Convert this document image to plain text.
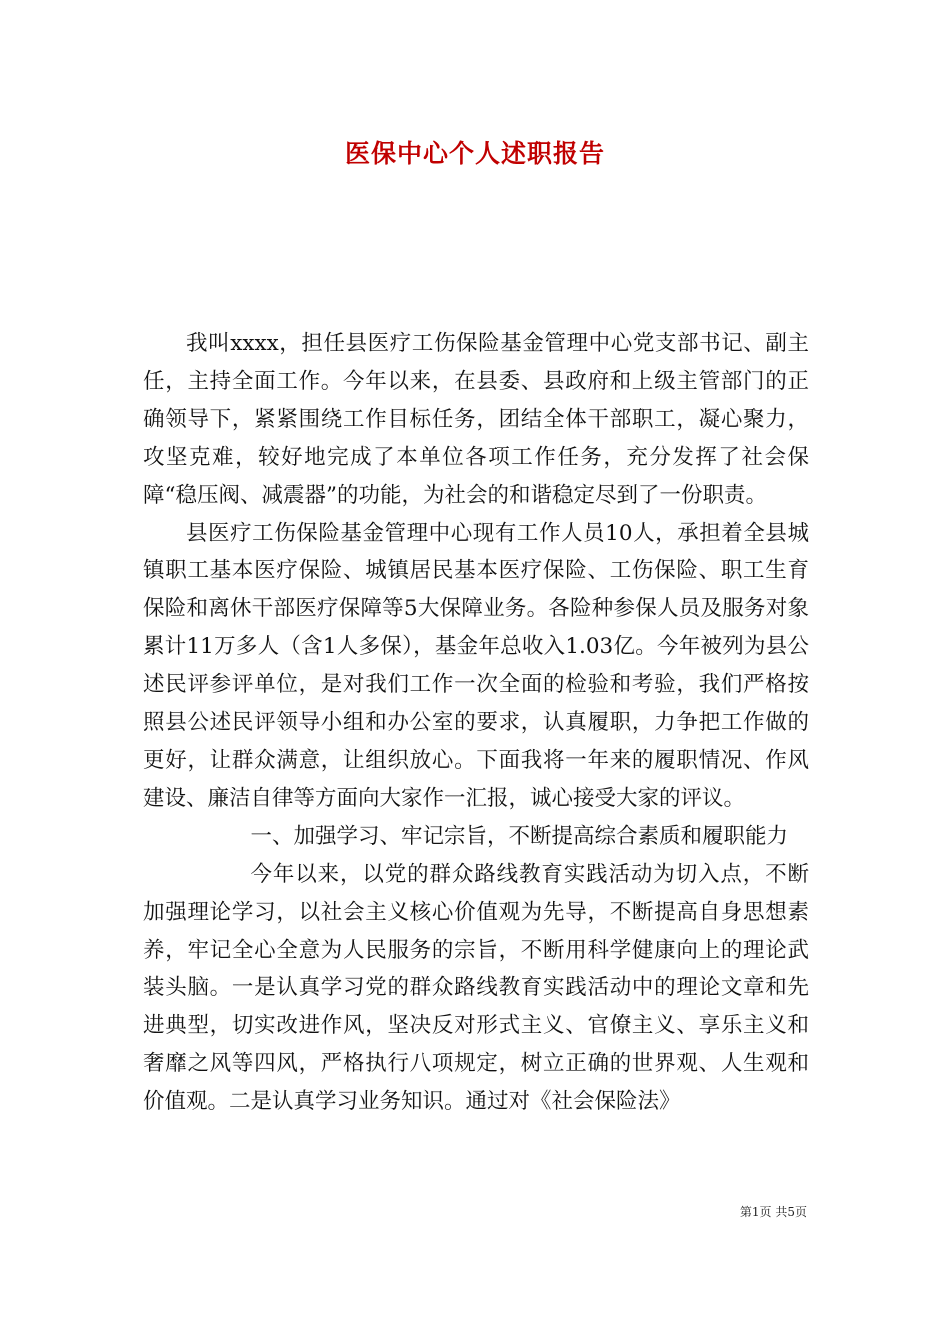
医保中心个人述职报告

我叫xxxx，担任县医疗工伤保险基金管理中心党支部书记、副主任，主持全面工作。今年以来，在县委、县政府和上级主管部门的正确领导下，紧紧围绕工作目标任务，团结全体干部职工，凝心聚力，攻坚克难，较好地完成了本单位各项工作任务，充分发挥了社会保障“稳压阀、减震器”的功能，为社会的和谐稳定尽到了一份职责。

县医疗工伤保险基金管理中心现有工作人员10人，承担着全县城镇职工基本医疗保险、城镇居民基本医疗保险、工伤保险、职工生育保险和离休干部医疗保障等5大保障业务。各险种参保人员及服务对象累计11万多人（含1人多保），基金年总收入1.03亿。今年被列为县公述民评参评单位，是对我们工作一次全面的检验和考验，我们严格按照县公述民评领导小组和办公室的要求，认真履职，力争把工作做的更好，让群众满意，让组织放心。下面我将一年来的履职情况、作风建设、廉洁自律等方面向大家作一汇报，诚心接受大家的评议。

一、加强学习、牢记宗旨，不断提高综合素质和履职能力

今年以来，以党的群众路线教育实践活动为切入点，不断加强理论学习，以社会主义核心价值观为先导，不断提高自身思想素养，牢记全心全意为人民服务的宗旨，不断用科学健康向上的理论武装头脑。一是认真学习党的群众路线教育实践活动中的理论文章和先进典型，切实改进作风，坚决反对形式主义、官僚主义、享乐主义和奢靡之风等四风，严格执行八项规定，树立正确的世界观、人生观和价值观。二是认真学习业务知识。通过对《社会保险法》

第1页 共5页
